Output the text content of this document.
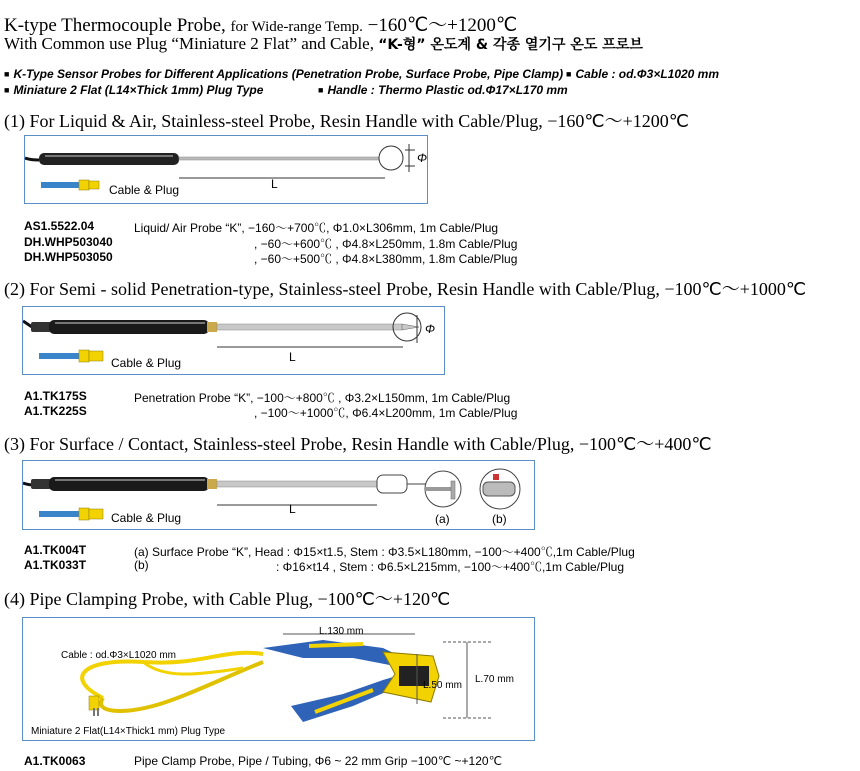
K-type Thermocouple Probe, for Wide-range Temp. −160℃～+1200℃
With Common use Plug “Miniature 2 Flat” and Cable, “K-형” 온도계 & 각종 열기구 온도 프로브
■ K-Type Sensor Probes for Different Applications (Penetration Probe, Surface Probe, Pipe Clamp) ■ Cable : od.Φ3×L1020 mm
■ Miniature 2 Flat (L14×Thick 1mm) Plug Type	■ Handle : Thermo Plastic od.Φ17×L170 mm
(1) For Liquid & Air, Stainless-steel Probe, Resin Handle with Cable/Plug, −160℃～+1200℃
Cable & Plug	L
Φ
AS1.5522.04	Liquid/ Air Probe “K”, −160～+700℃, Φ1.0×L306mm, 1m Cable/Plug
DH.WHP503040	, −60～+600℃ , Φ4.8×L250mm, 1.8m Cable/Plug
DH.WHP503050	, −60～+500℃ , Φ4.8×L380mm, 1.8m Cable/Plug
(2) For Semi - solid Penetration-type, Stainless-steel Probe, Resin Handle with Cable/Plug, −100℃～+1000℃
Cable & Plug	L
Φ
A1.TK175S	Penetration Probe “K”, −100～+800℃ , Φ3.2×L150mm, 1m Cable/Plug
A1.TK225S	, −100～+1000℃, Φ6.4×L200mm, 1m Cable/Plug
(3) For Surface / Contact, Stainless-steel Probe, Resin Handle with Cable/Plug, −100℃～+400℃
Cable & Plug
L
(a)	(b)
A1.TK004T	(a) Surface Probe “K”, Head : Φ15×t1.5, Stem : Φ3.5×L180mm, −100～+400℃,1m Cable/Plug
A1.TK033T	(b)	: Φ16×t14 , Stem : Φ6.5×L215mm, −100～+400℃,1m Cable/Plug
(4) Pipe Clamping Probe, with Cable Plug, −100℃～+120℃
Cable : od.Φ3×L1020 mm
Miniature 2 Flat(L14×Thick1 mm) Plug Type
L.130 mm
L.50 mm
L.70 mm
A1.TK0063	Pipe Clamp Probe, Pipe / Tubing, Φ6 ~ 22 mm Grip −100℃ ~+120℃
